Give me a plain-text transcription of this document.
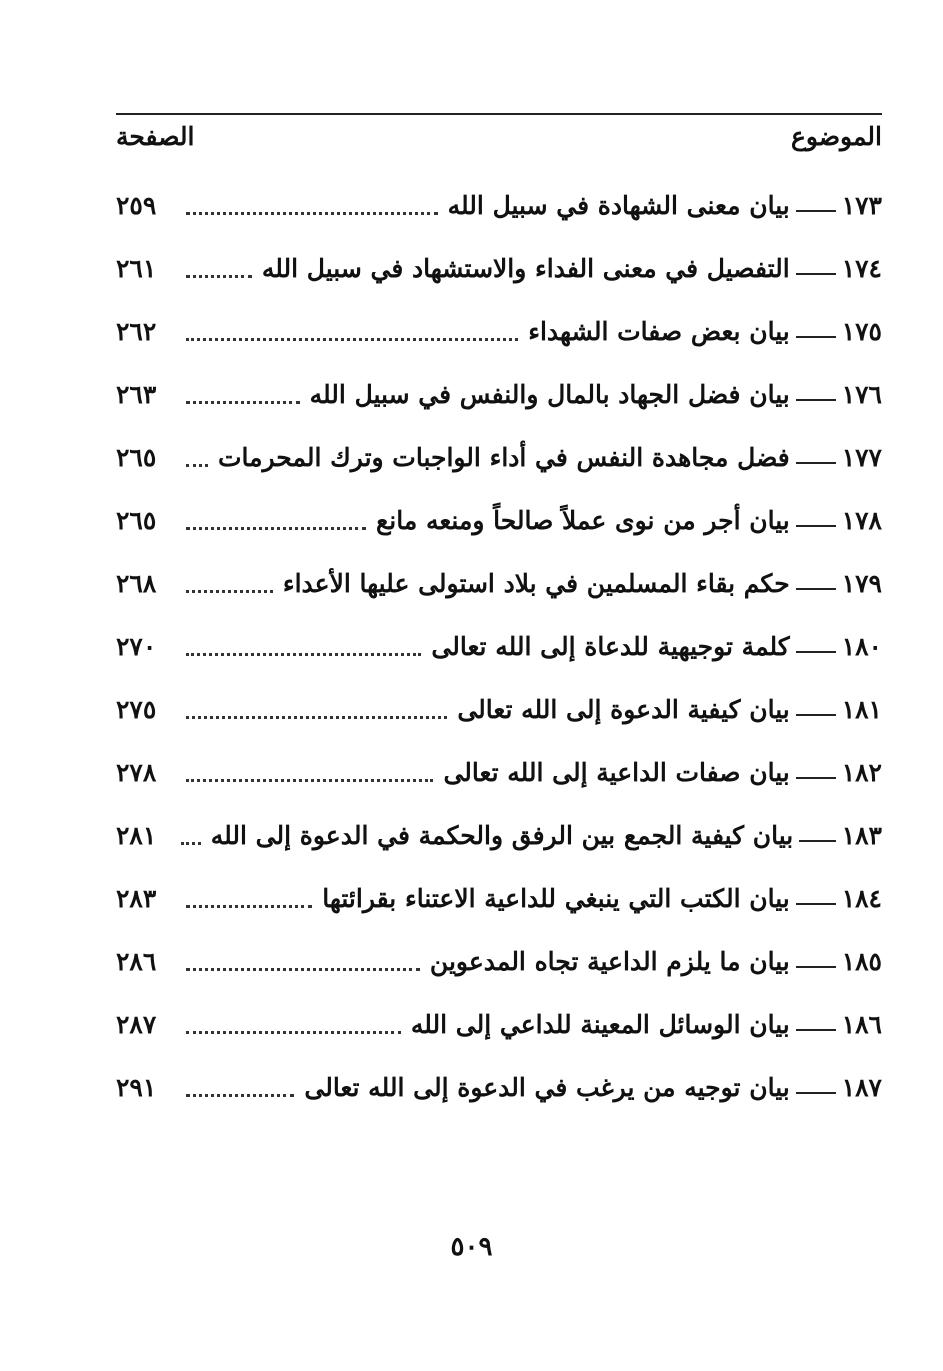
الموضوع
الصفحة
١٧٣
بيان معنى الشهادة في سبيل الله
٢٥٩
١٧٤
التفصيل في معنى الفداء والاستشهاد في سبيل الله
٢٦١
١٧٥
بيان بعض صفات الشهداء
٢٦٢
١٧٦
بيان فضل الجهاد بالمال والنفس في سبيل الله
٢٦٣
١٧٧
فضل مجاهدة النفس في أداء الواجبات وترك المحرمات
٢٦٥
١٧٨
بيان أجر من نوى عملاً صالحاً ومنعه مانع
٢٦٥
١٧٩
حكم بقاء المسلمين في بلاد استولى عليها الأعداء
٢٦٨
١٨٠
كلمة توجيهية للدعاة إلى الله تعالى
٢٧٠
١٨١
بيان كيفية الدعوة إلى الله تعالى
٢٧٥
١٨٢
بيان صفات الداعية إلى الله تعالى
٢٧٨
١٨٣
بيان كيفية الجمع بين الرفق والحكمة في الدعوة إلى الله
٢٨١
١٨٤
بيان الكتب التي ينبغي للداعية الاعتناء بقرائتها
٢٨٣
١٨٥
بيان ما يلزم الداعية تجاه المدعوين
٢٨٦
١٨٦
بيان الوسائل المعينة للداعي إلى الله
٢٨٧
١٨٧
بيان توجيه من يرغب في الدعوة إلى الله تعالى
٢٩١
٥٠٩
